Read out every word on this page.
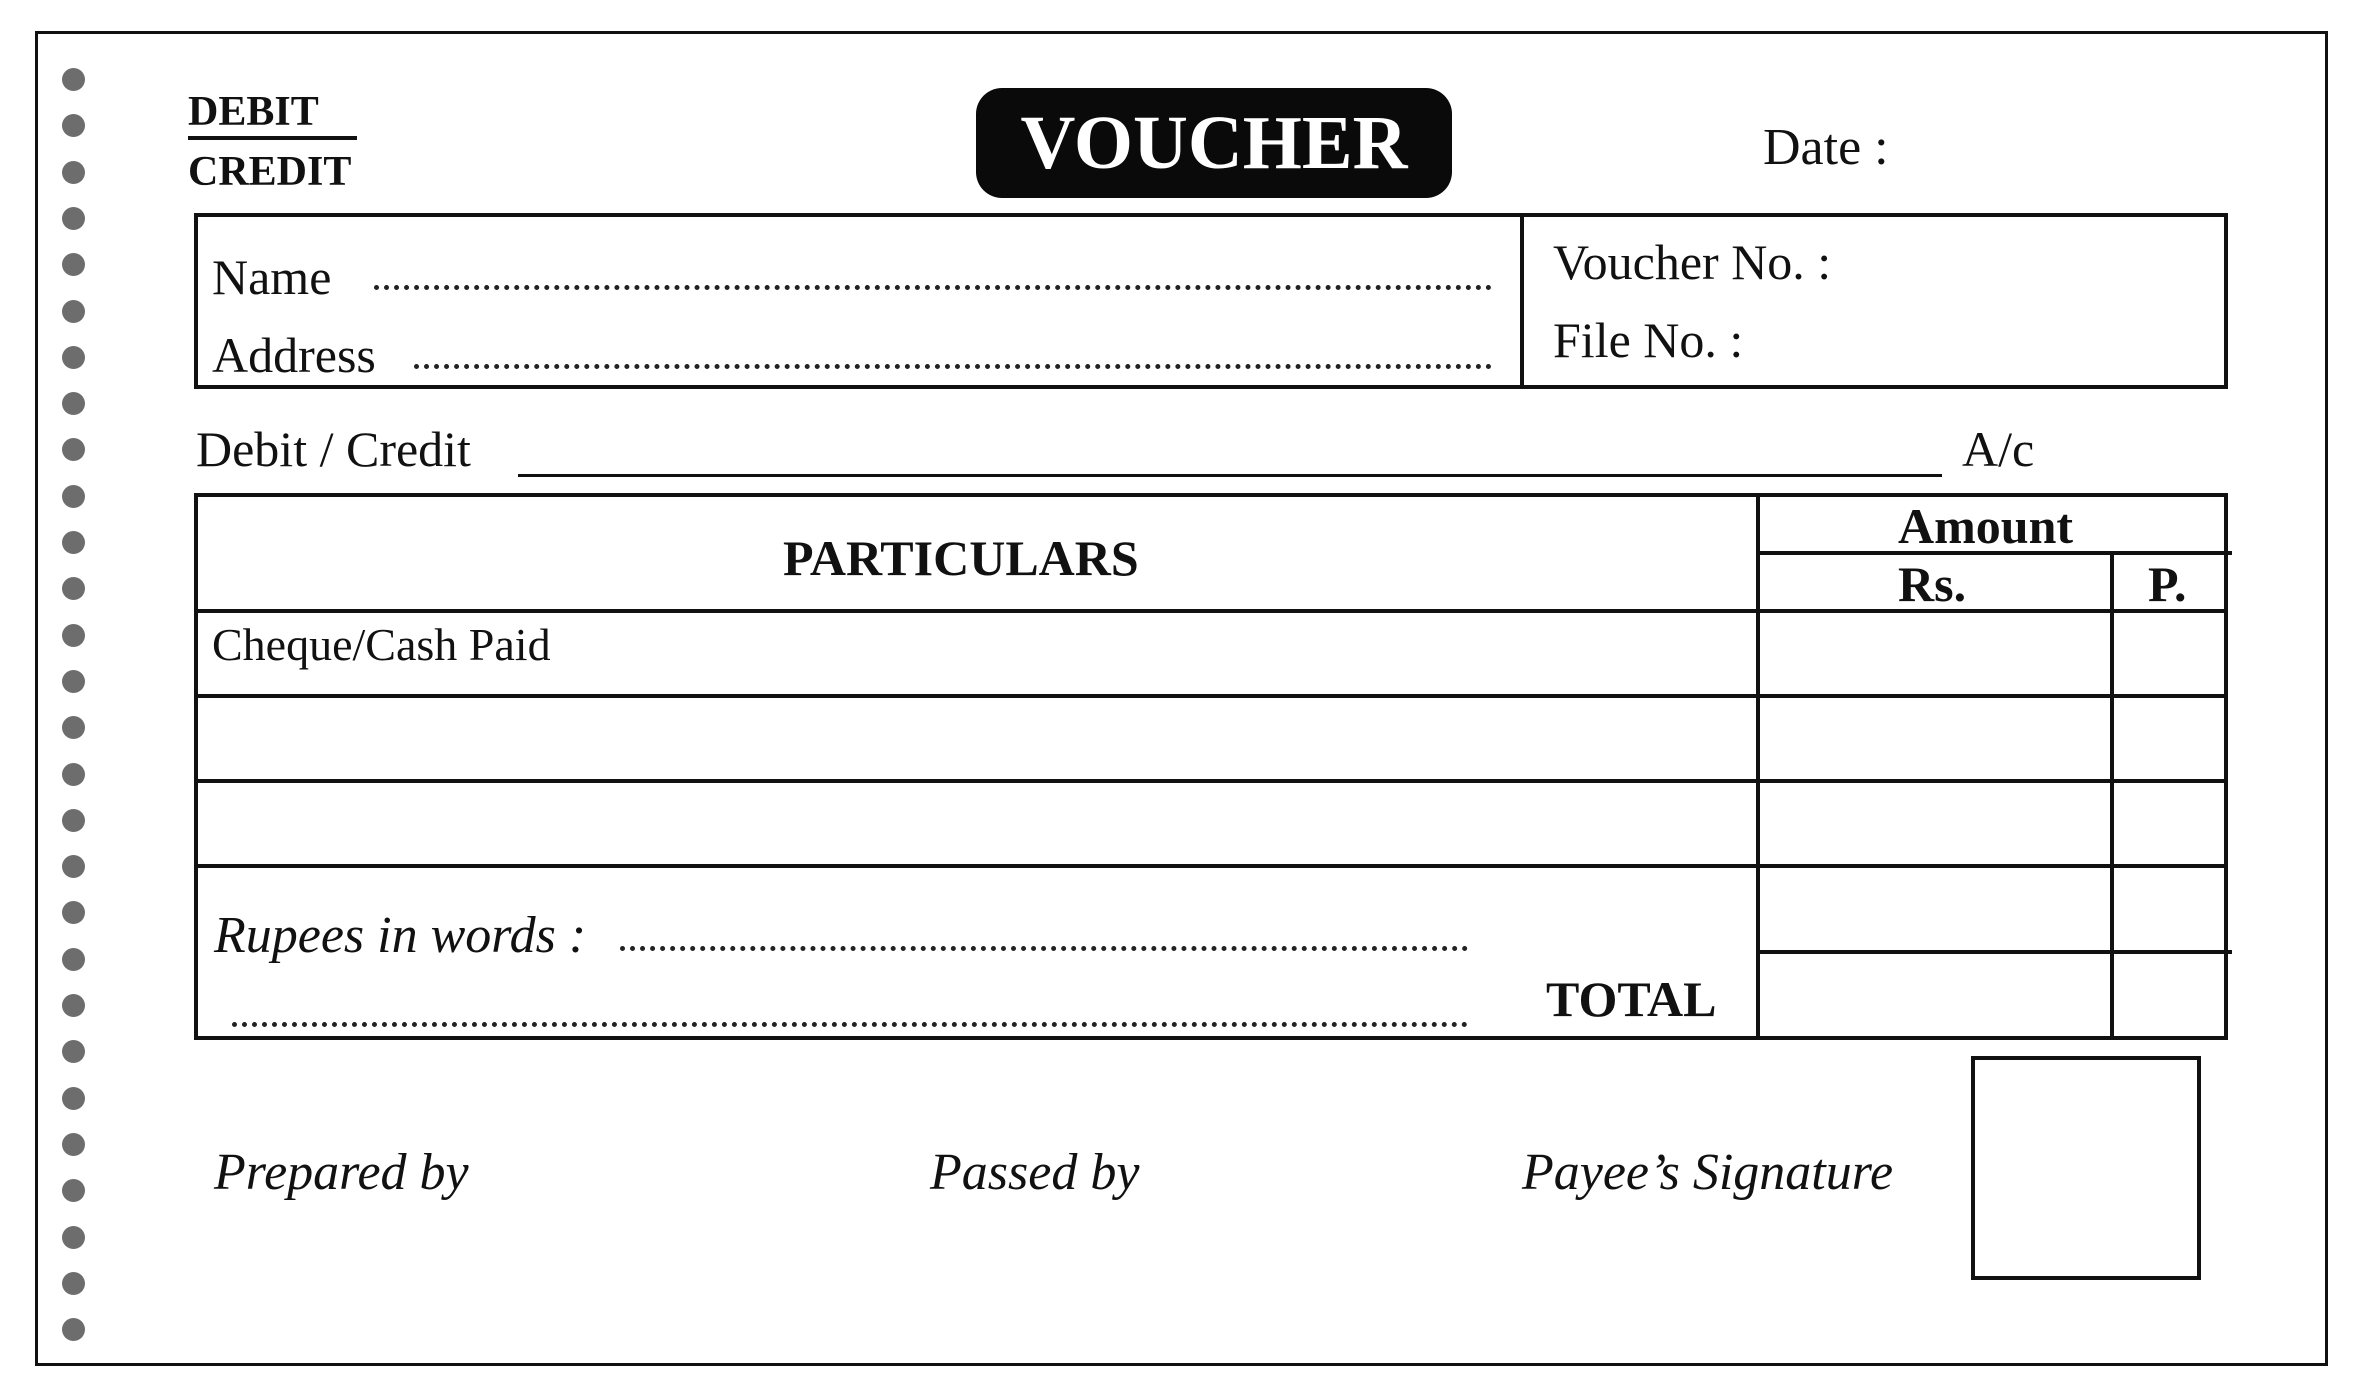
DEBIT
CREDIT	VOUCHER	Date :
Name
Address
Voucher No. :
File No. :
Debit / Credit	A/c
PARTICULARS
Amount
Rs.	P.
Cheque/Cash Paid
Rupees in words :
TOTAL
Prepared by	Passed by	Payee’s Signature
